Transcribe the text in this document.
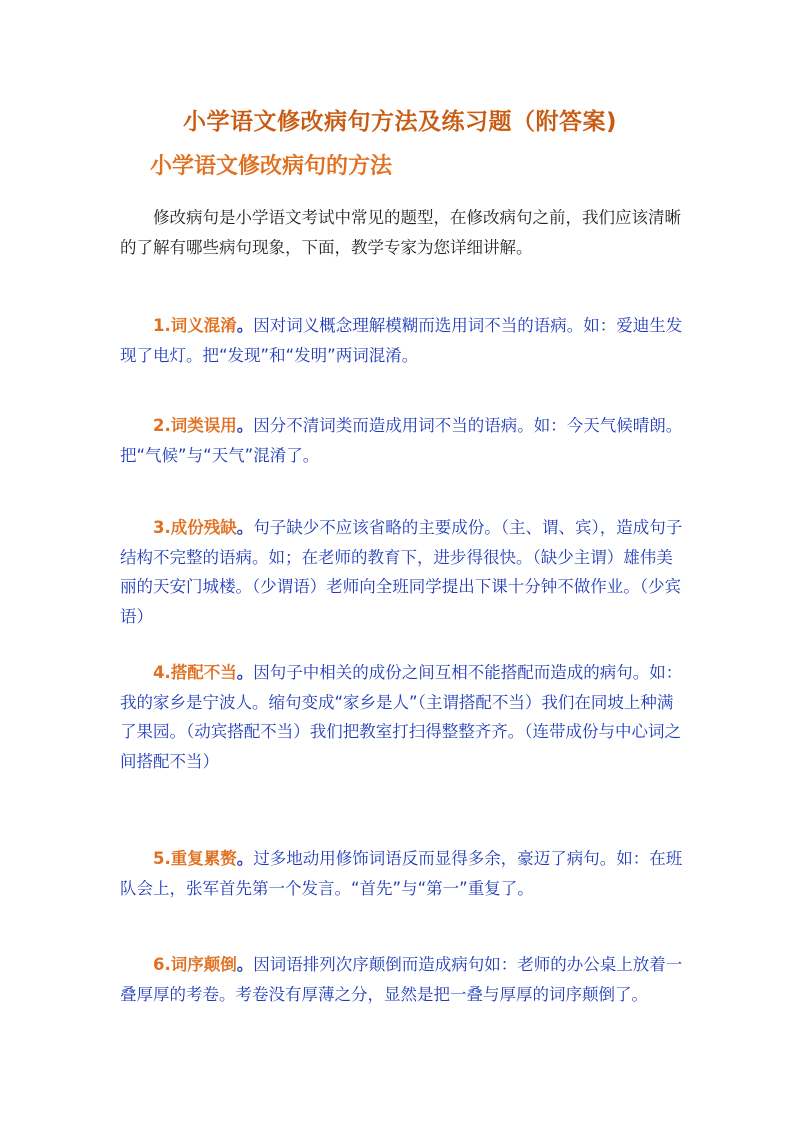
小学语文修改病句方法及练习题（附答案)
小学语文修改病句的方法
修改病句是小学语文考试中常见的题型，在修改病句之前，我们应该清晰的了解有哪些病句现象，下面，教学专家为您详细讲解。
1.词义混淆。因对词义概念理解模糊而选用词不当的语病。如：爱迪生发现了电灯。把“发现”和“发明”两词混淆。
2.词类误用。因分不清词类而造成用词不当的语病。如：今天气候晴朗。把“气候”与“天气”混淆了。
3.成份残缺。句子缺少不应该省略的主要成份。（主、谓、宾），造成句子结构不完整的语病。如；在老师的教育下，进步得很快。（缺少主谓）雄伟美丽的天安门城楼。（少谓语）老师向全班同学提出下课十分钟不做作业。（少宾语）
4.搭配不当。因句子中相关的成份之间互相不能搭配而造成的病句。如：我的家乡是宁波人。缩句变成“家乡是人”（主谓搭配不当）我们在同坡上种满了果园。（动宾搭配不当）我们把教室打扫得整整齐齐。（连带成份与中心词之间搭配不当）
5.重复累赘。过多地动用修饰词语反而显得多余，豪迈了病句。如：在班队会上，张军首先第一个发言。“首先”与“第一”重复了。
6.词序颠倒。因词语排列次序颠倒而造成病句如：老师的办公桌上放着一叠厚厚的考卷。考卷没有厚薄之分，显然是把一叠与厚厚的词序颠倒了。
